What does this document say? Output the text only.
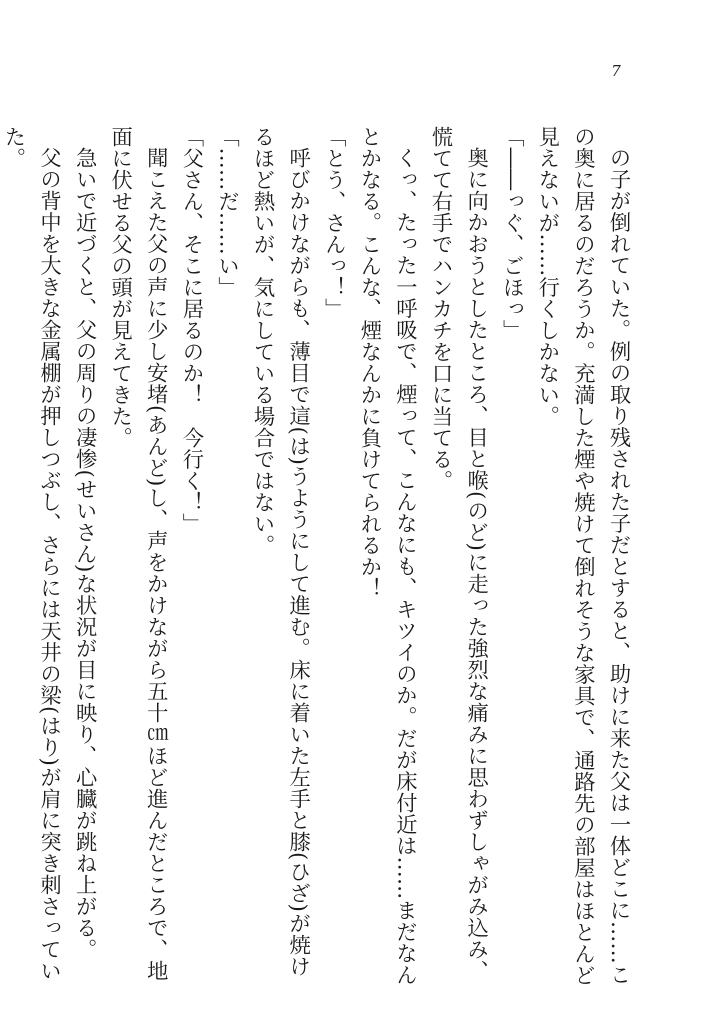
7

の子が倒れていた。例の取り残された子だとすると、助けに来た父は一体どこに……この奥に居るのだろうか。充満した煙や焼けて倒れそうな家具で、通路先の部屋はほとんど見えないが……行くしかない。

「――っぐ、ごほっ」

奥に向かおうとしたところ、目と喉(のど)に走った強烈な痛みに思わずしゃがみ込み、慌てて右手でハンカチを口に当てる。

くっ、たった一呼吸で、煙って、こんなにも、キツイのか。だが床付近は……まだなんとかなる。こんな、煙なんかに負けてられるか！

「とう、さんっ！」

呼びかけながらも、薄目で這(は)うようにして進む。床に着いた左手と膝(ひざ)が焼けるほど熱いが、気にしている場合ではない。

「……だ……い」

「父さん、そこに居るのか！　今行く！」

聞こえた父の声に少し安堵(あんど)し、声をかけながら五十㎝ほど進んだところで、地面に伏せる父の頭が見えてきた。

急いで近づくと、父の周りの凄惨(せいさん)な状況が目に映り、心臓が跳ね上がる。

父の背中を大きな金属棚が押しつぶし、さらには天井の梁(はり)が肩に突き刺さっていた。
